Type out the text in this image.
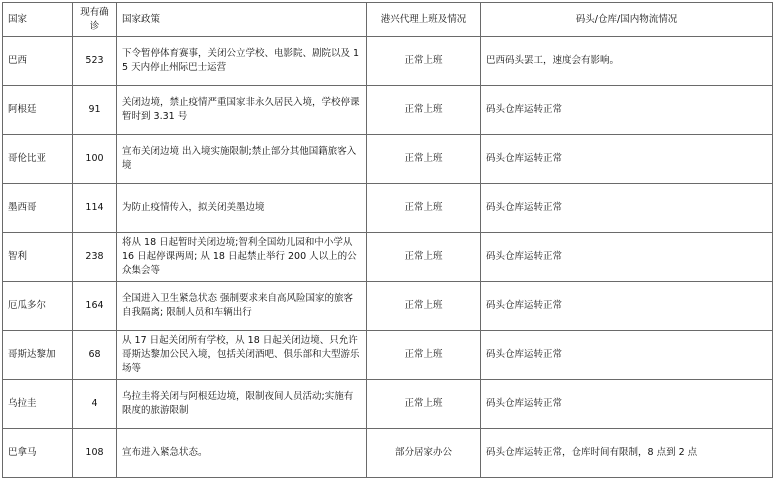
国家	现有确诊	国家政策	港兴代理上班及情况	码头/仓库/国内物流情况
巴西	523	下令暂停体育赛事，关闭公立学校、电影院、剧院以及 15 天内停止州际巴士运营	正常上班	巴西码头罢工，速度会有影响。
阿根廷	91	关闭边境，禁止疫情严重国家非永久居民入境，学校停课暂时到 3.31 号	正常上班	码头仓库运转正常
哥伦比亚	100	宣布关闭边境 出入境实施限制;禁止部分其他国籍旅客入境	正常上班	码头仓库运转正常
墨西哥	114	为防止疫情传入，拟关闭美墨边境	正常上班	码头仓库运转正常
智利	238	将从 18 日起暂时关闭边境;智利全国幼儿园和中小学从 16 日起停课两周; 从 18 日起禁止举行 200 人以上的公众集会等	正常上班	码头仓库运转正常
厄瓜多尔	164	全国进入卫生紧急状态 强制要求来自高风险国家的旅客自我隔离; 限制人员和车辆出行	正常上班	码头仓库运转正常
哥斯达黎加	68	从 17 日起关闭所有学校，从 18 日起关闭边境、只允许哥斯达黎加公民入境，包括关闭酒吧、俱乐部和大型游乐场等	正常上班	码头仓库运转正常
乌拉圭	4	乌拉圭将关闭与阿根廷边境，限制夜间人员活动;实施有限度的旅游限制	正常上班	码头仓库运转正常
巴拿马	108	宣布进入紧急状态。	部分居家办公	码头仓库运转正常，仓库时间有限制，8 点到 2 点
